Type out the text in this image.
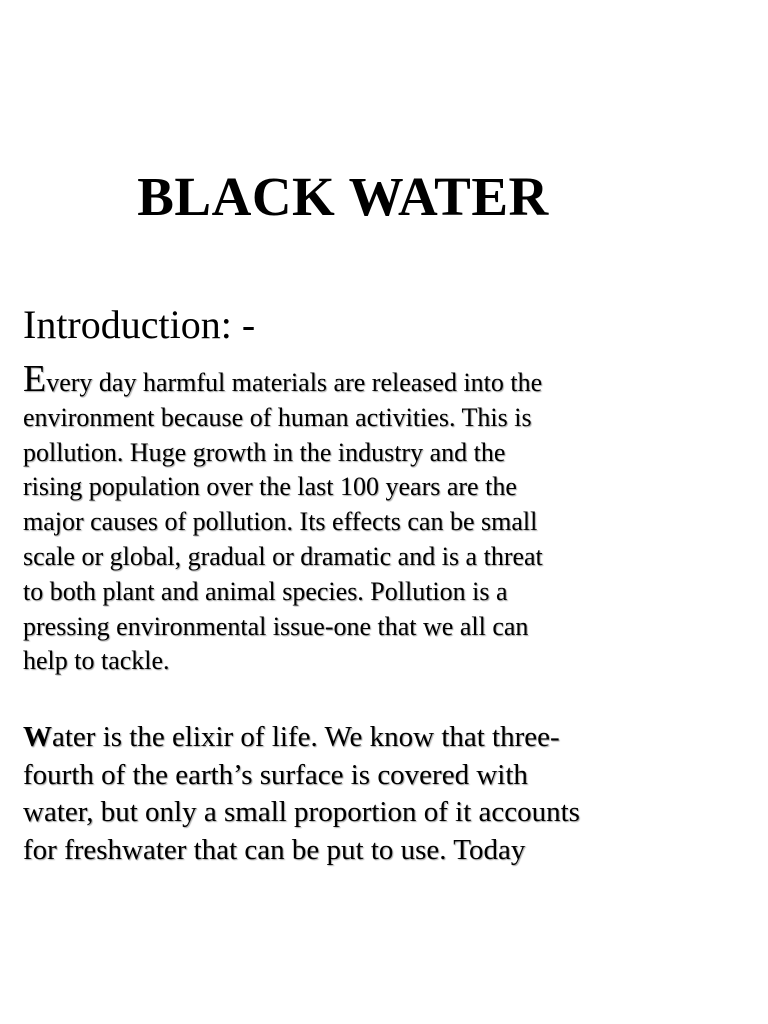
BLACK WATER
Introduction: -

Every day harmful materials are released into the
environment because of human activities. This is
pollution. Huge growth in the industry and the
rising population over the last 100 years are the
major causes of pollution. Its effects can be small
scale or global, gradual or dramatic and is a threat
to both plant and animal species. Pollution is a
pressing environmental issue-one that we all can
help to tackle.

Water is the elixir of life. We know that three-
fourth of the earth’s surface is covered with
water, but only a small proportion of it accounts
for freshwater that can be put to use. Today
